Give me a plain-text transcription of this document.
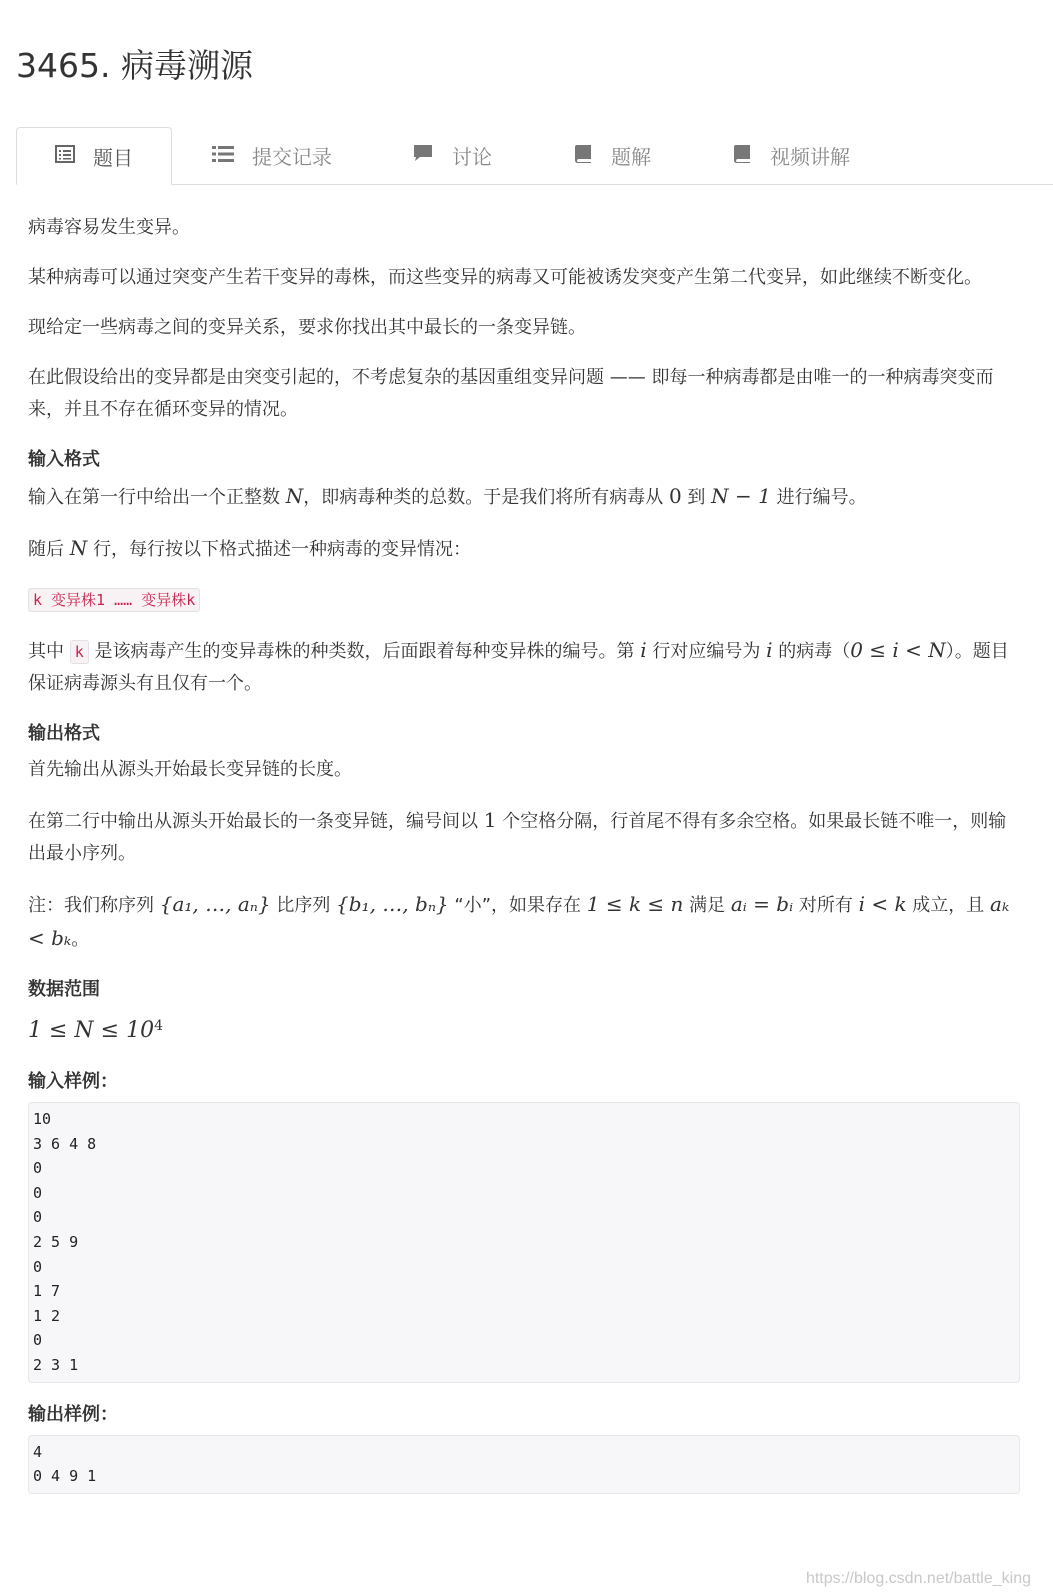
3465. 病毒溯源
题目	提交记录	讨论	题解	视频讲解

病毒容易发生变异。

某种病毒可以通过突变产生若干变异的毒株，而这些变异的病毒又可能被诱发突变产生第二代变异，如此继续不断变化。

现给定一些病毒之间的变异关系，要求你找出其中最长的一条变异链。

在此假设给出的变异都是由突变引起的，不考虑复杂的基因重组变异问题 —— 即每一种病毒都是由唯一的一种病毒突变而来，并且不存在循环变异的情况。

输入格式

输入在第一行中给出一个正整数 N，即病毒种类的总数。于是我们将所有病毒从 0 到 N − 1 进行编号。

随后 N 行，每行按以下格式描述一种病毒的变异情况：

k 变异株1 …… 变异株k

其中 k 是该病毒产生的变异毒株的种类数，后面跟着每种变异株的编号。第 i 行对应编号为 i 的病毒（0 ≤ i < N）。题目保证病毒源头有且仅有一个。

输出格式

首先输出从源头开始最长变异链的长度。

在第二行中输出从源头开始最长的一条变异链，编号间以 1 个空格分隔，行首尾不得有多余空格。如果最长链不唯一，则输出最小序列。

注：我们称序列 {a₁, …, aₙ} 比序列 {b₁, …, bₙ} “小”，如果存在 1 ≤ k ≤ n 满足 aᵢ = bᵢ 对所有 i < k 成立，且 aₖ < bₖ。

数据范围

$1 \le N \le 10^4$

输入样例：
10
3 6 4 8
0
0
0
2 5 9
0
1 7
1 2
0
2 3 1
输出样例：
4
0 4 9 1
https://blog.csdn.net/battle_king
